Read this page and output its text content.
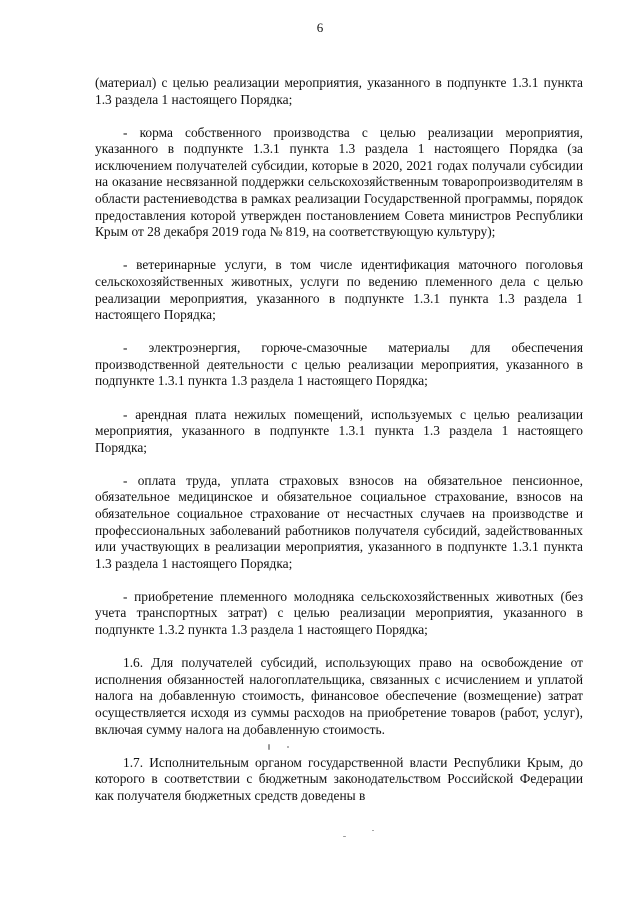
6

(материал) с целью реализации мероприятия, указанного в подпункте 1.3.1 пункта 1.3 раздела 1 настоящего Порядка;

- корма собственного производства с целью реализации мероприятия, указанного в подпункте 1.3.1 пункта 1.3 раздела 1 настоящего Порядка (за исключением получателей субсидии, которые в 2020, 2021 годах получали субсидии на оказание несвязанной поддержки сельскохозяйственным товаропроизводителям в области растениеводства в рамках реализации Государственной программы, порядок предоставления которой утвержден постановлением Совета министров Республики Крым от 28 декабря 2019 года № 819, на соответствующую культуру);

- ветеринарные услуги, в том числе идентификация маточного поголовья сельскохозяйственных животных, услуги по ведению племенного дела с целью реализации мероприятия, указанного в подпункте 1.3.1 пункта 1.3 раздела 1 настоящего Порядка;

- электроэнергия, горюче-смазочные материалы для обеспечения производственной деятельности с целью реализации мероприятия, указанного в подпункте 1.3.1 пункта 1.3 раздела 1 настоящего Порядка;

- арендная плата нежилых помещений, используемых с целью реализации мероприятия, указанного в подпункте 1.3.1 пункта 1.3 раздела 1 настоящего Порядка;

- оплата труда, уплата страховых взносов на обязательное пенсионное, обязательное медицинское и обязательное социальное страхование, взносов на обязательное социальное страхование от несчастных случаев на производстве и профессиональных заболеваний работников получателя субсидий, задействованных или участвующих в реализации мероприятия, указанного в подпункте 1.3.1 пункта 1.3 раздела 1 настоящего Порядка;

- приобретение племенного молодняка сельскохозяйственных животных (без учета транспортных затрат) с целью реализации мероприятия, указанного в подпункте 1.3.2 пункта 1.3 раздела 1 настоящего Порядка;

1.6. Для получателей субсидий, использующих право на освобождение от исполнения обязанностей налогоплательщика, связанных с исчислением и уплатой налога на добавленную стоимость, финансовое обеспечение (возмещение) затрат осуществляется исходя из суммы расходов на приобретение товаров (работ, услуг), включая сумму налога на добавленную стоимость.

1.7. Исполнительным органом государственной власти Республики Крым, до которого в соответствии с бюджетным законодательством Российской Федерации как получателя бюджетных средств доведены в
